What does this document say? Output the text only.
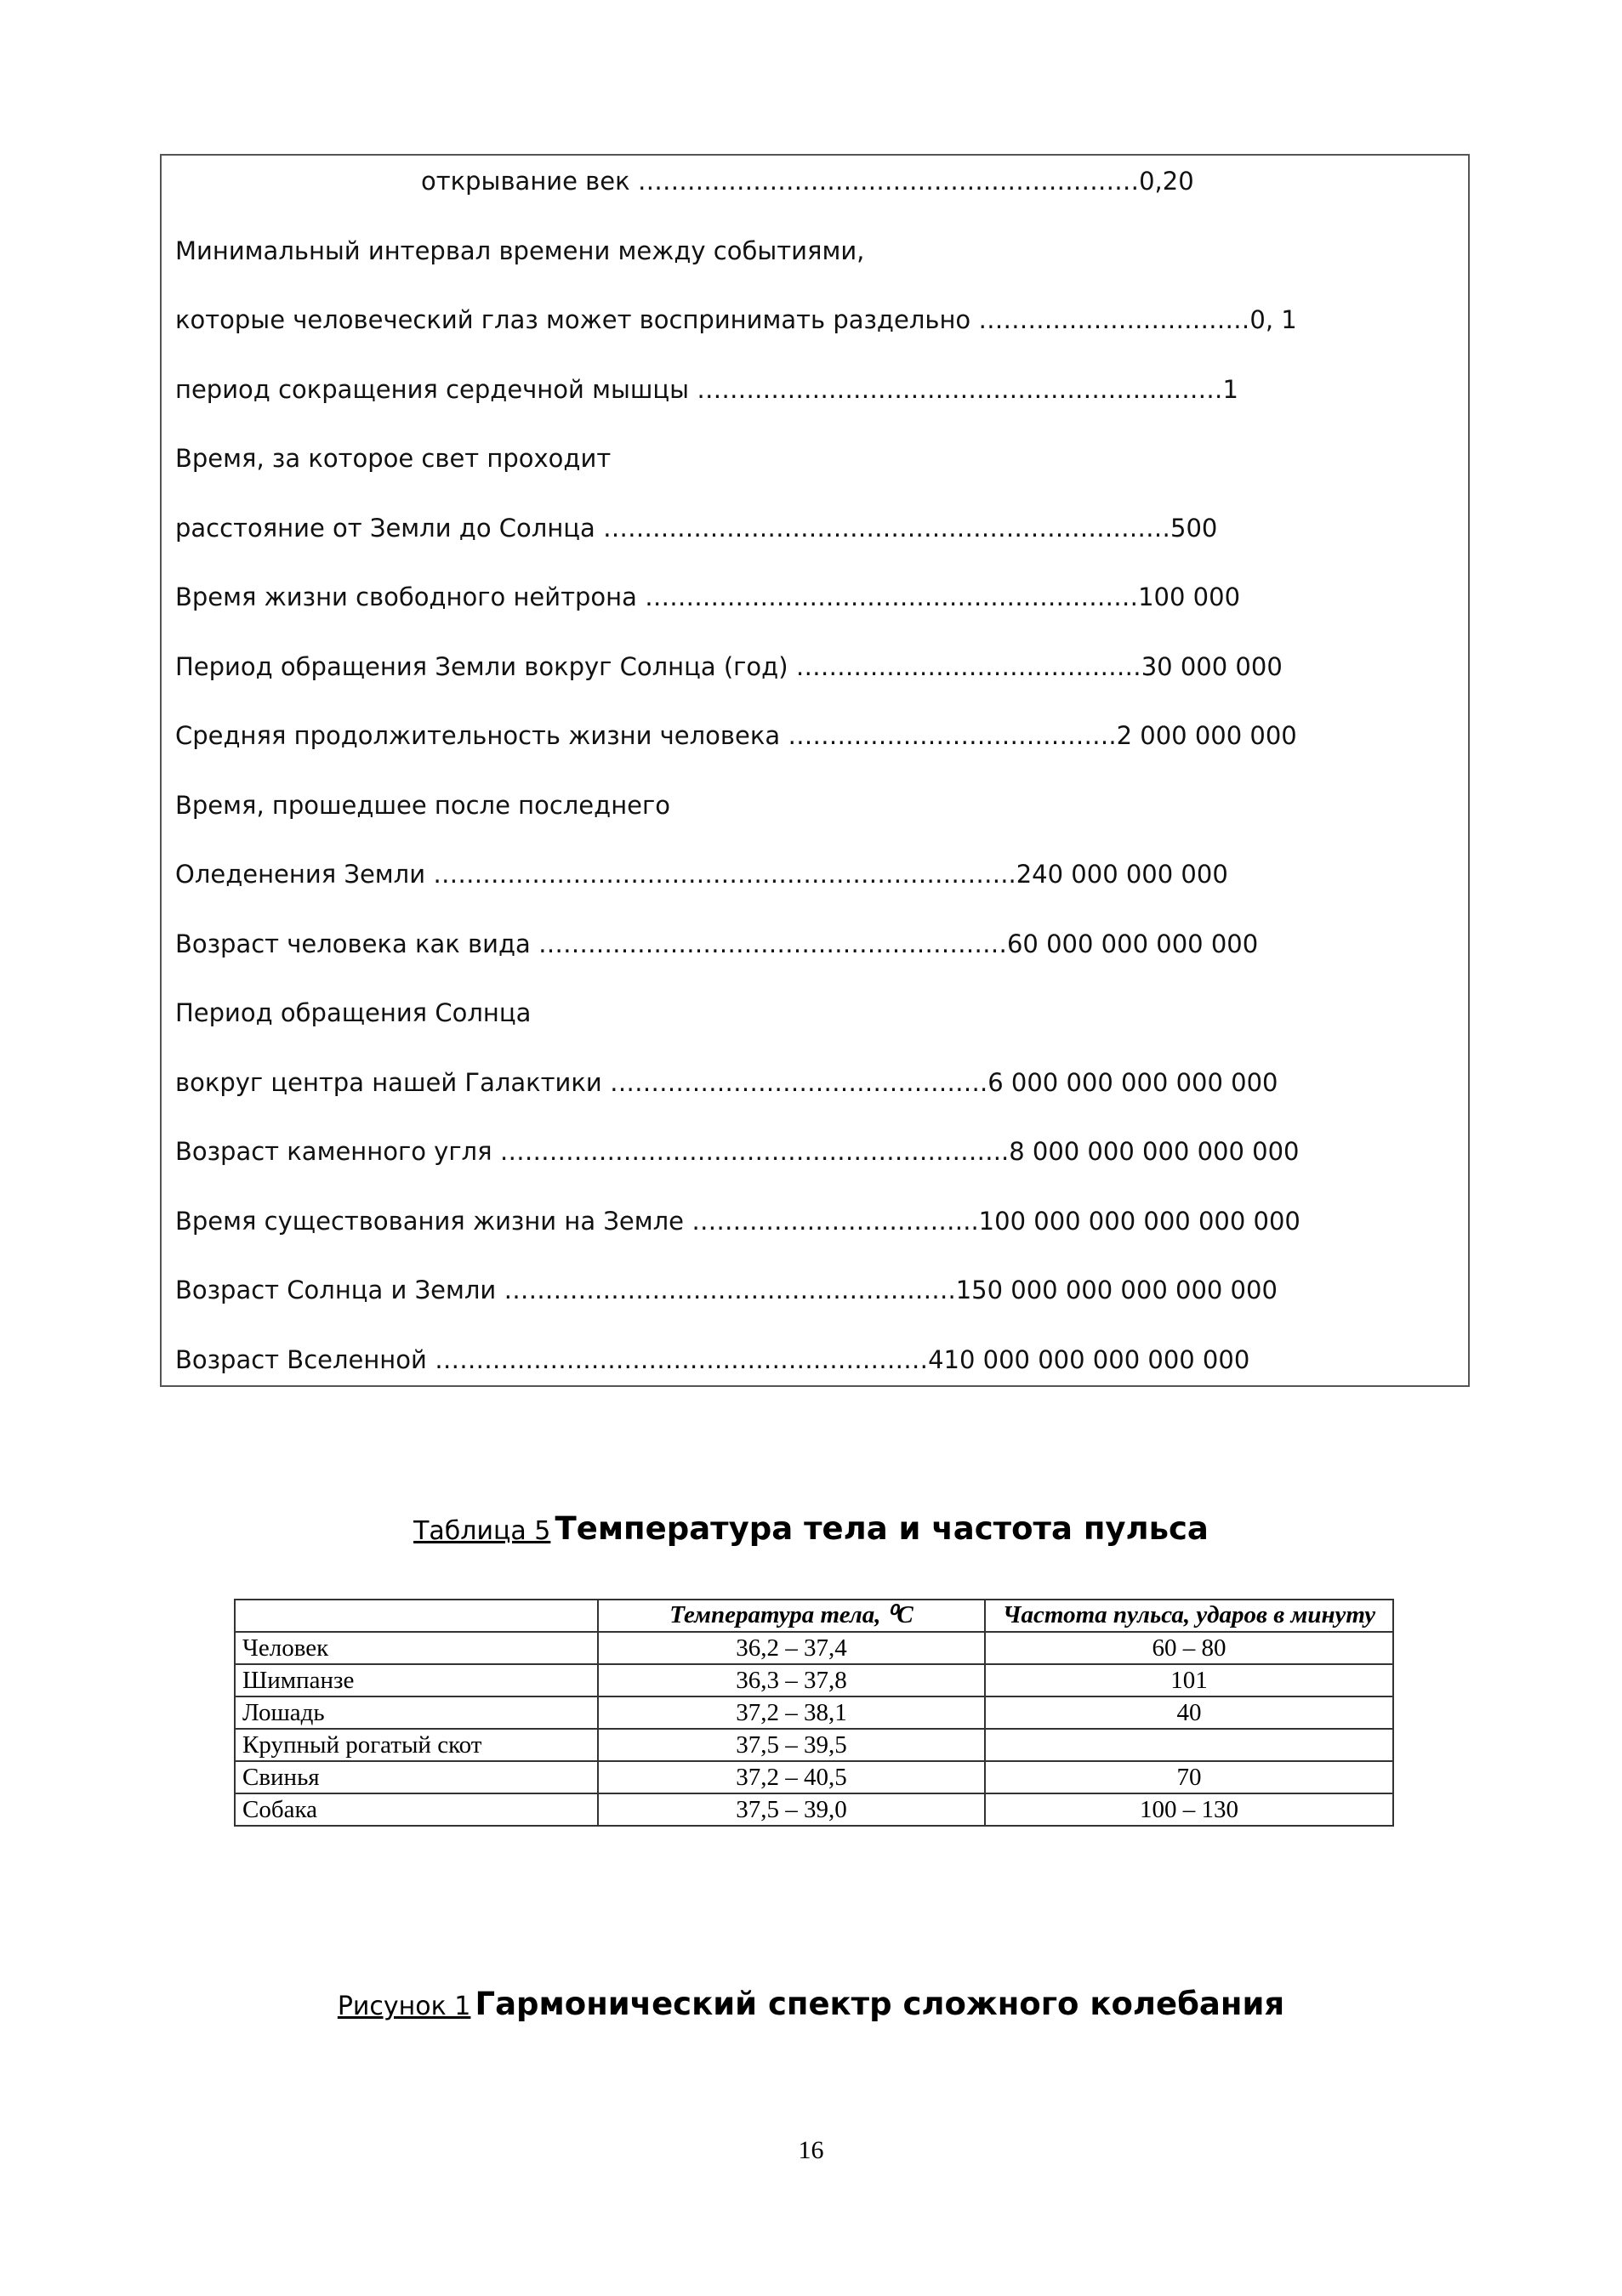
открывание век …………………………………….………………0,20
Минимальный интервал времени между событиями,
которые человеческий глаз может воспринимать раздельно ……………………………0, 1
период сокращения сердечной мышцы ………………………………………………….……1
Время, за которое свет проходит
расстояние от Земли до Солнца ……………………………………………………………500
Время жизни свободного нейтрона ……………………………………………………100 000
Период обращения Земли вокруг Солнца (год) ……………………………………30 000 000
Средняя продолжительность жизни человека ………………………………….2 000 000 000
Время, прошедшее после последнего
Оледенения Земли ……………………………………………………………..240 000 000 000
Возраст человека как вида …………………………………………………60 000 000 000 000
Период обращения Солнца
вокруг центра нашей Галактики ……………………………………….6 000 000 000 000 000
Возраст каменного угля ……………………………………………………..8 000 000 000 000 000
Время существования жизни на Земле ……………………………..100 000 000 000 000 000
Возраст Солнца и Земли ……………………………………………….150 000 000 000 000 000
Возраст Вселенной ……………………………………………………410 000 000 000 000 000
Таблица 5 Температура тела и частота пульса
	Температура тела, ⁰С	Частота пульса, ударов в минуту
Человек	36,2 – 37,4	60 – 80
Шимпанзе	36,3 – 37,8	101
Лошадь	37,2 – 38,1	40
Крупный рогатый скот	37,5 – 39,5	
Свинья	37,2 – 40,5	70
Собака	37,5 – 39,0	100 – 130
Рисунок 1 Гармонический спектр сложного колебания
16
